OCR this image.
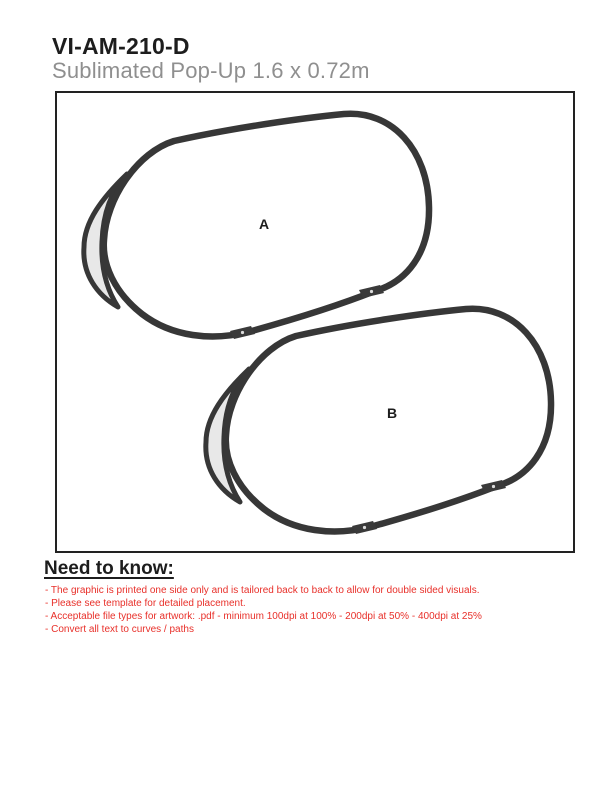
VI-AM-210-D
Sublimated Pop-Up 1.6 x 0.72m
A
B
Need to know:
- The graphic is printed one side only and is tailored back to back to allow for double sided visuals.
- Please see template for detailed placement.
- Acceptable file types for artwork: .pdf - minimum 100dpi at 100% - 200dpi at 50% - 400dpi at 25%
- Convert all text to curves / paths
